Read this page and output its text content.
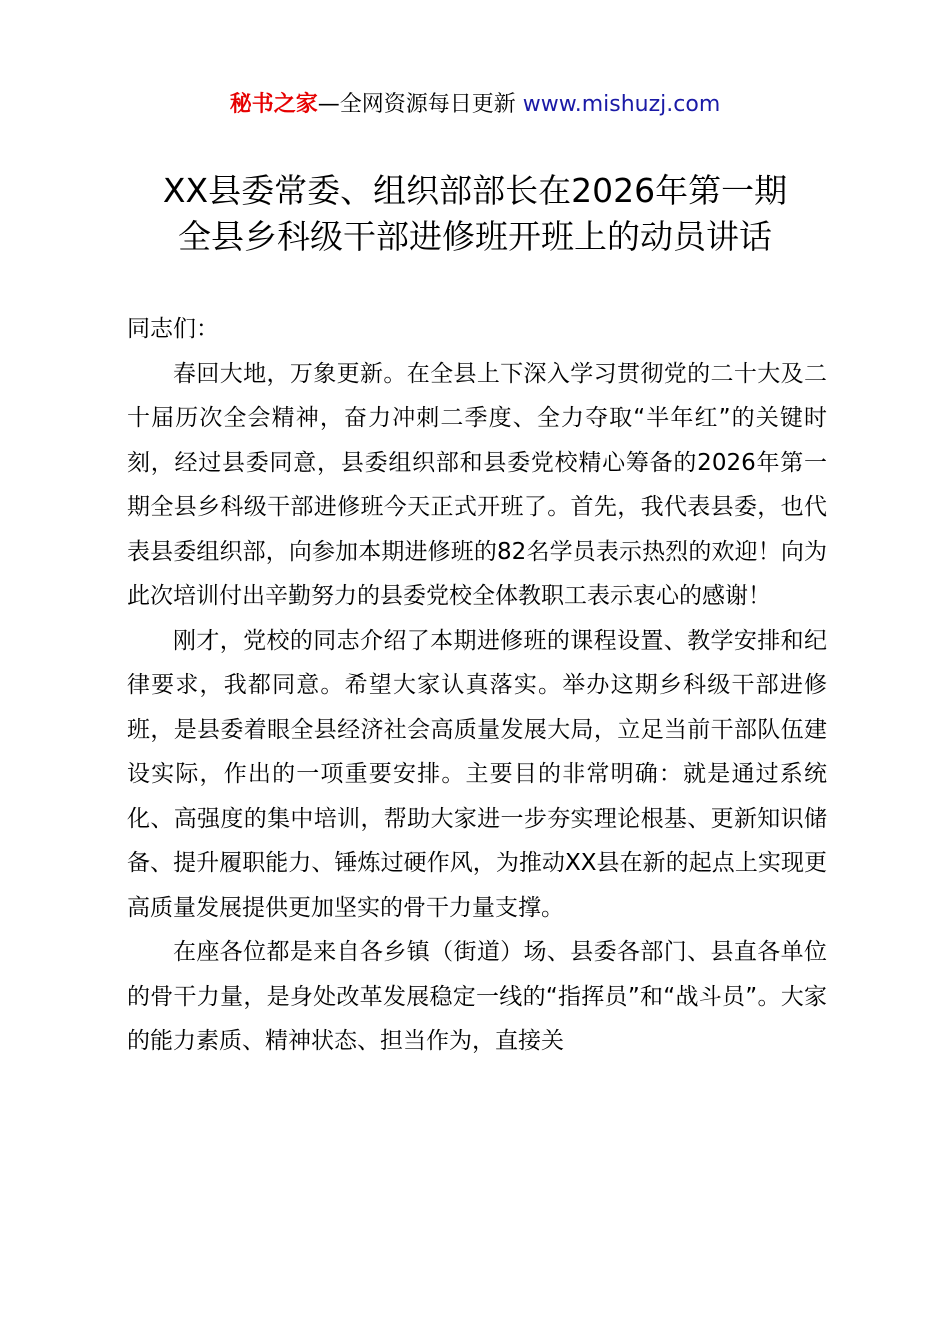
秘书之家—全网资源每日更新 www.mishuzj.com
XX县委常委、组织部部长在2026年第一期
全县乡科级干部进修班开班上的动员讲话

同志们：

春回大地，万象更新。在全县上下深入学习贯彻党的二十大及二十届历次全会精神，奋力冲刺二季度、全力夺取“半年红”的关键时刻，经过县委同意，县委组织部和县委党校精心筹备的2026年第一期全县乡科级干部进修班今天正式开班了。首先，我代表县委，也代表县委组织部，向参加本期进修班的82名学员表示热烈的欢迎！向为此次培训付出辛勤努力的县委党校全体教职工表示衷心的感谢！

刚才，党校的同志介绍了本期进修班的课程设置、教学安排和纪律要求，我都同意。希望大家认真落实。举办这期乡科级干部进修班，是县委着眼全县经济社会高质量发展大局，立足当前干部队伍建设实际，作出的一项重要安排。主要目的非常明确：就是通过系统化、高强度的集中培训，帮助大家进一步夯实理论根基、更新知识储备、提升履职能力、锤炼过硬作风，为推动XX县在新的起点上实现更高质量发展提供更加坚实的骨干力量支撑。

在座各位都是来自各乡镇（街道）场、县委各部门、县直各单位的骨干力量，是身处改革发展稳定一线的“指挥员”和“战斗员”。大家的能力素质、精神状态、担当作为，直接关
